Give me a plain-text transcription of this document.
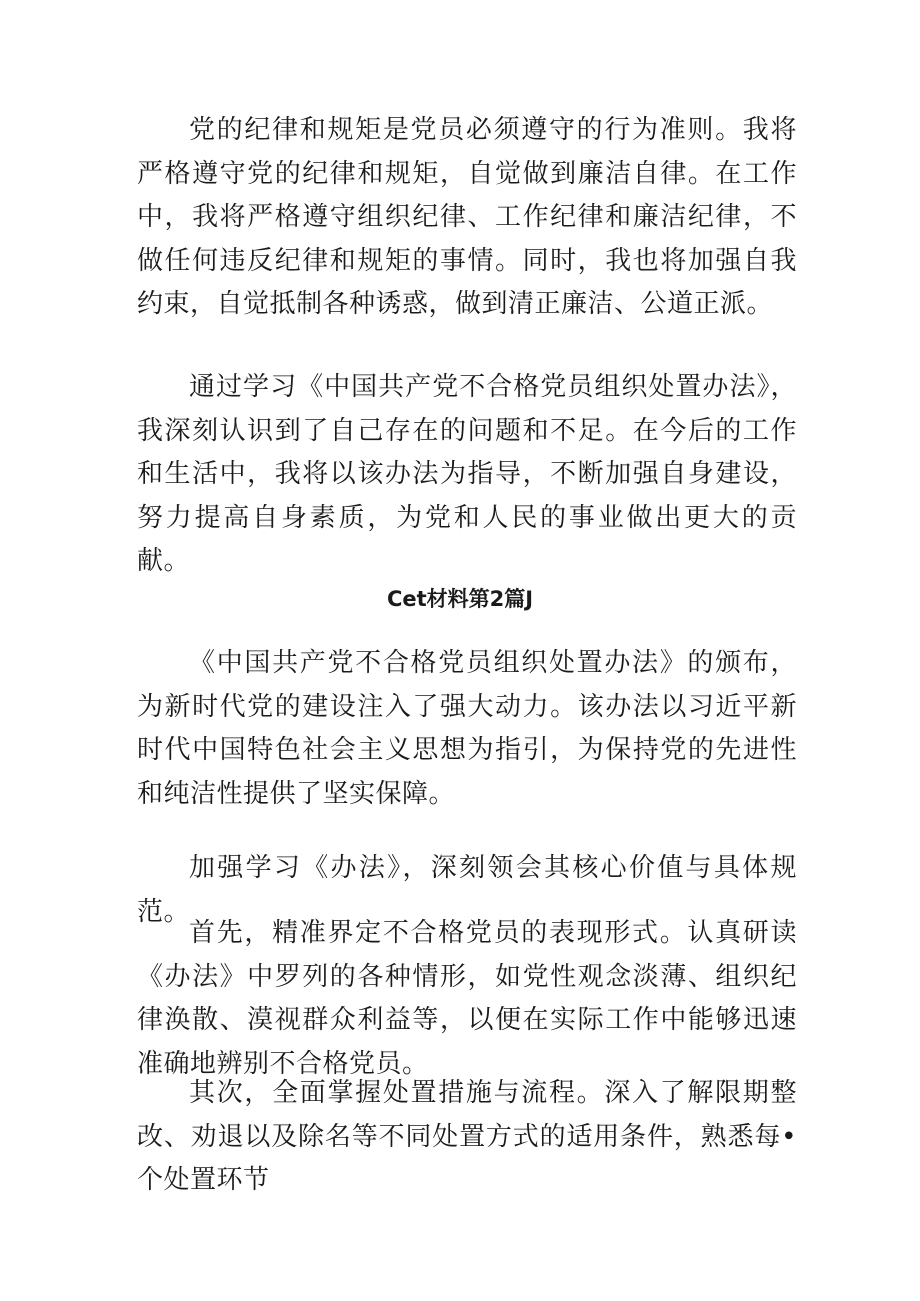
党的纪律和规矩是党员必须遵守的行为准则。我将严格遵守党的纪律和规矩，自觉做到廉洁自律。在工作中，我将严格遵守组织纪律、工作纪律和廉洁纪律，不做任何违反纪律和规矩的事情。同时，我也将加强自我约束，自觉抵制各种诱惑，做到清正廉洁、公道正派。

通过学习《中国共产党不合格党员组织处置办法》，我深刻认识到了自己存在的问题和不足。在今后的工作和生活中，我将以该办法为指导，不断加强自身建设，努力提高自身素质，为党和人民的事业做出更大的贡献。

Cet材料第2篇J

《中国共产党不合格党员组织处置办法》的颁布，为新时代党的建设注入了强大动力。该办法以习近平新时代中国特色社会主义思想为指引，为保持党的先进性和纯洁性提供了坚实保障。

加强学习《办法》，深刻领会其核心价值与具体规范。

首先，精准界定不合格党员的表现形式。认真研读《办法》中罗列的各种情形，如党性观念淡薄、组织纪律涣散、漠视群众利益等，以便在实际工作中能够迅速准确地辨别不合格党员。

其次，全面掌握处置措施与流程。深入了解限期整改、劝退以及除名等不同处置方式的适用条件，熟悉每•个处置环节
